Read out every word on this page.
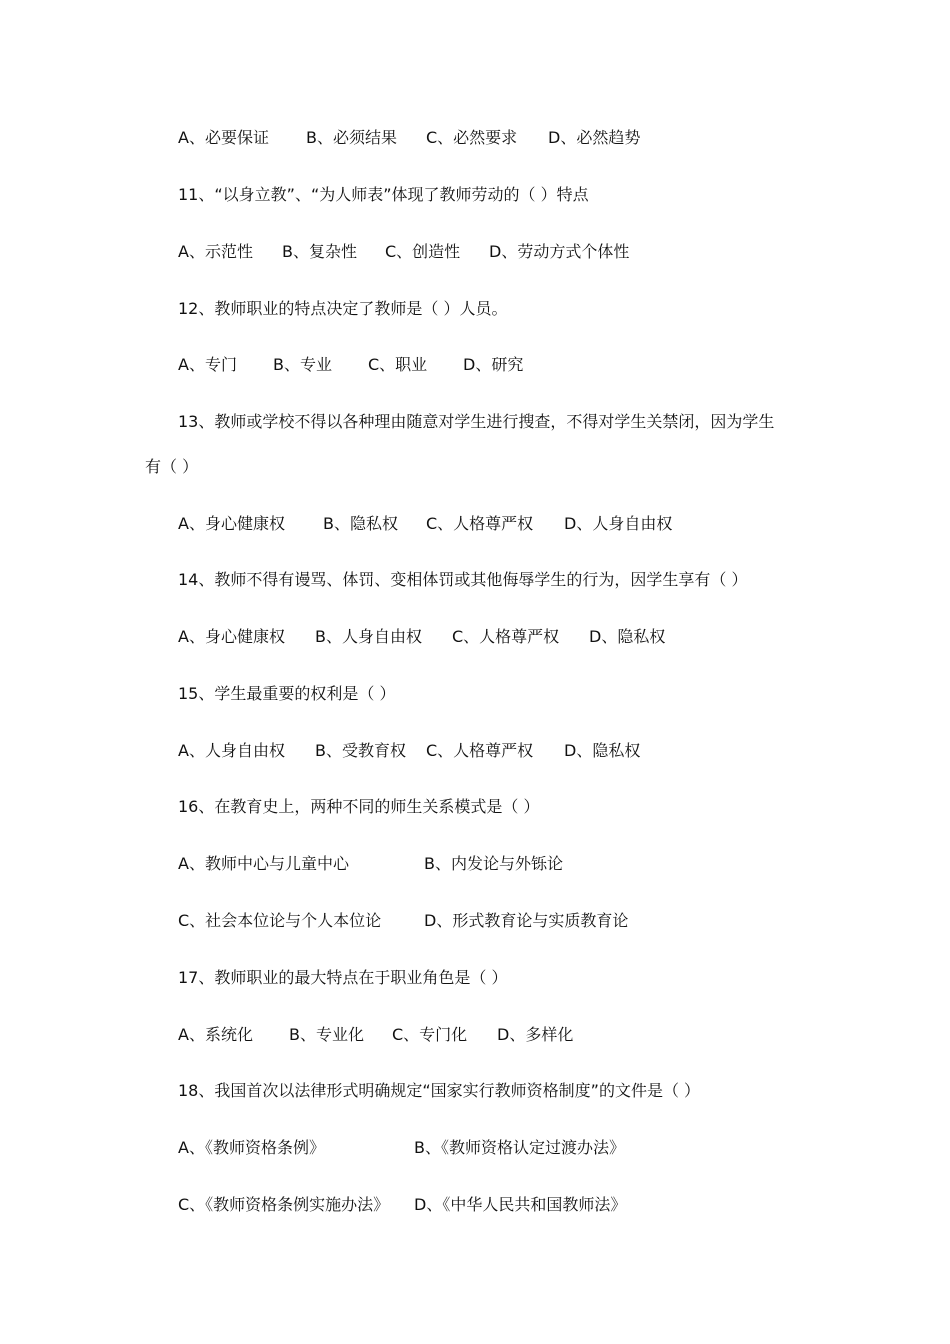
A、必要保证 B、必须结果 C、必然要求 D、必然趋势
11、“以身立教”、“为人师表”体现了教师劳动的（ ）特点
A、示范性 B、复杂性 C、创造性 D、劳动方式个体性
12、教师职业的特点决定了教师是（ ）人员。
A、专门 B、专业 C、职业 D、研究
13、教师或学校不得以各种理由随意对学生进行搜查，不得对学生关禁闭，因为学生
有（ ）
A、身心健康权 B、隐私权 C、人格尊严权 D、人身自由权
14、教师不得有谩骂、体罚、变相体罚或其他侮辱学生的行为，因学生享有（ ）
A、身心健康权 B、人身自由权 C、人格尊严权 D、隐私权
15、学生最重要的权利是（ ）
A、人身自由权 B、受教育权 C、人格尊严权 D、隐私权
16、在教育史上，两种不同的师生关系模式是（ ）
A、教师中心与儿童中心	B、内发论与外铄论
C、社会本位论与个人本位论	D、形式教育论与实质教育论
17、教师职业的最大特点在于职业角色是（ ）
A、系统化 B、专业化 C、专门化 D、多样化
18、我国首次以法律形式明确规定“国家实行教师资格制度”的文件是（ ）
A、《教师资格条例》	B、《教师资格认定过渡办法》
C、《教师资格条例实施办法》 D、《中华人民共和国教师法》
